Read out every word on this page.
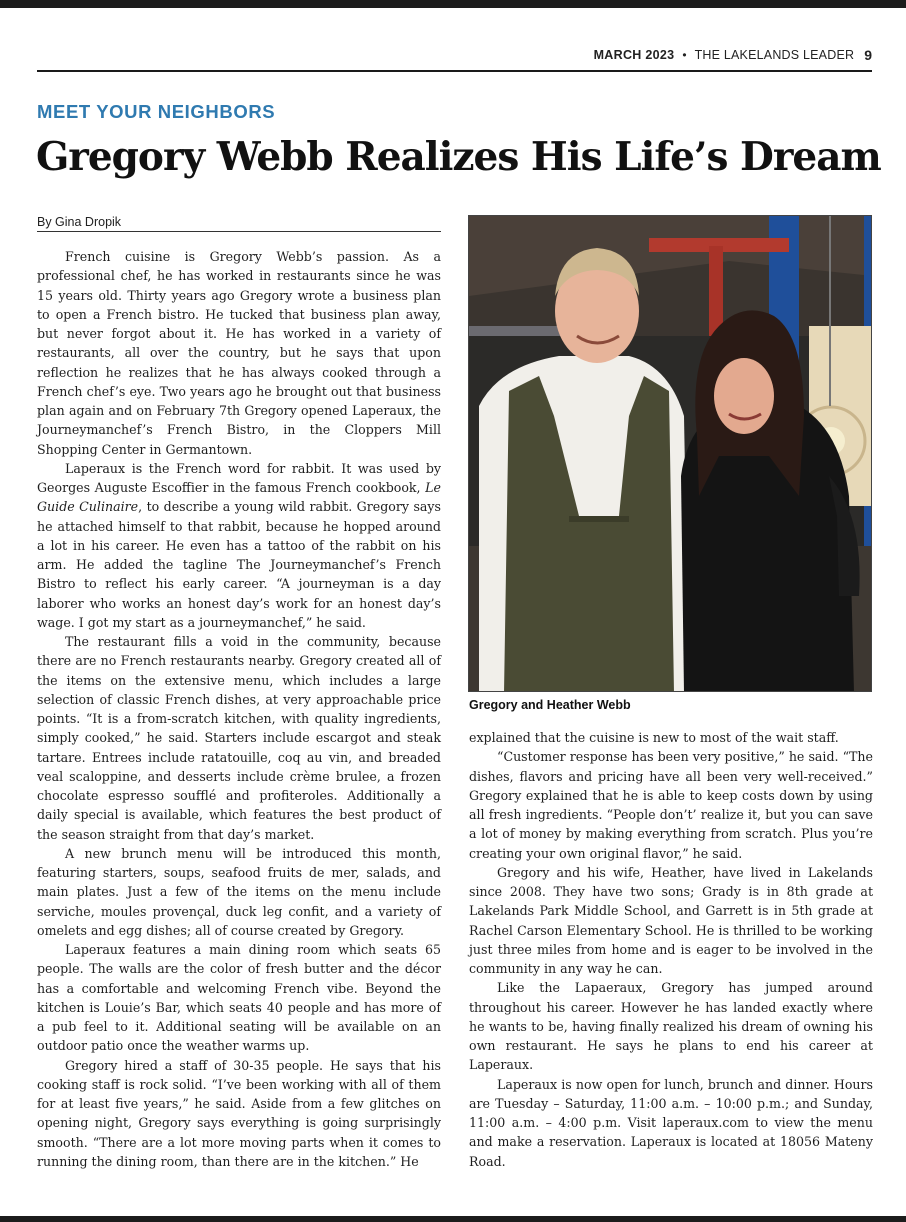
MARCH 2023 • THE LAKELANDS LEADER 9
MEET YOUR NEIGHBORS
Gregory Webb Realizes His Life’s Dream
By Gina Dropik

French cuisine is Gregory Webb’s passion. As a professional chef, he has worked in restaurants since he was 15 years old. Thirty years ago Gregory wrote a business plan to open a French bistro. He tucked that business plan away, but never forgot about it. He has worked in a variety of restaurants, all over the country, but he says that upon reflection he realizes that he has always cooked through a French chef’s eye. Two years ago he brought out that business plan again and on February 7th Gregory opened Laperaux, the Journeymanchef’s French Bistro, in the Cloppers Mill Shopping Center in Germantown.

Laperaux is the French word for rabbit. It was used by Georges Auguste Escoffier in the famous French cookbook, Le Guide Culinaire, to describe a young wild rabbit. Gregory says he attached himself to that rabbit, because he hopped around a lot in his career. He even has a tattoo of the rabbit on his arm. He added the tagline The Journeymanchef’s French Bistro to reflect his early career. “A journeyman is a day laborer who works an honest day’s work for an honest day’s wage. I got my start as a journeymanchef,” he said.

The restaurant fills a void in the community, because there are no French restaurants nearby. Gregory created all of the items on the extensive menu, which includes a large selection of classic French dishes, at very approachable price points. “It is a from-scratch kitchen, with quality ingredients, simply cooked,” he said. Starters include escargot and steak tartare. Entrees include ratatouille, coq au vin, and breaded veal scaloppine, and desserts include crème brulee, a frozen chocolate espresso soufflé and profiteroles. Additionally a daily special is available, which features the best product of the season straight from that day’s market.

A new brunch menu will be introduced this month, featuring starters, soups, seafood fruits de mer, salads, and main plates. Just a few of the items on the menu include serviche, moules provençal, duck leg confit, and a variety of omelets and egg dishes; all of course created by Gregory.

Laperaux features a main dining room which seats 65 people. The walls are the color of fresh butter and the décor has a comfortable and welcoming French vibe. Beyond the kitchen is Louie’s Bar, which seats 40 people and has more of a pub feel to it. Additional seating will be available on an outdoor patio once the weather warms up.

Gregory hired a staff of 30-35 people. He says that his cooking staff is rock solid. “I’ve been working with all of them for at least five years,” he said. Aside from a few glitches on opening night, Gregory says everything is going surprisingly smooth. “There are a lot more moving parts when it comes to running the dining room, than there are in the kitchen.” He

Gregory and Heather Webb

explained that the cuisine is new to most of the wait staff.

“Customer response has been very positive,” he said. “The dishes, flavors and pricing have all been very well-received.” Gregory explained that he is able to keep costs down by using all fresh ingredients. “People don’t’ realize it, but you can save a lot of money by making everything from scratch. Plus you’re creating your own original flavor,” he said.

Gregory and his wife, Heather, have lived in Lakelands since 2008. They have two sons; Grady is in 8th grade at Lakelands Park Middle School, and Garrett is in 5th grade at Rachel Carson Elementary School. He is thrilled to be working just three miles from home and is eager to be involved in the community in any way he can.

Like the Lapaeraux, Gregory has jumped around throughout his career. However he has landed exactly where he wants to be, having finally realized his dream of owning his own restaurant. He says he plans to end his career at Laperaux.

Laperaux is now open for lunch, brunch and dinner. Hours are Tuesday – Saturday, 11:00 a.m. – 10:00 p.m.; and Sunday, 11:00 a.m. – 4:00 p.m. Visit laperaux.com to view the menu and make a reservation. Laperaux is located at 18056 Mateny Road.
